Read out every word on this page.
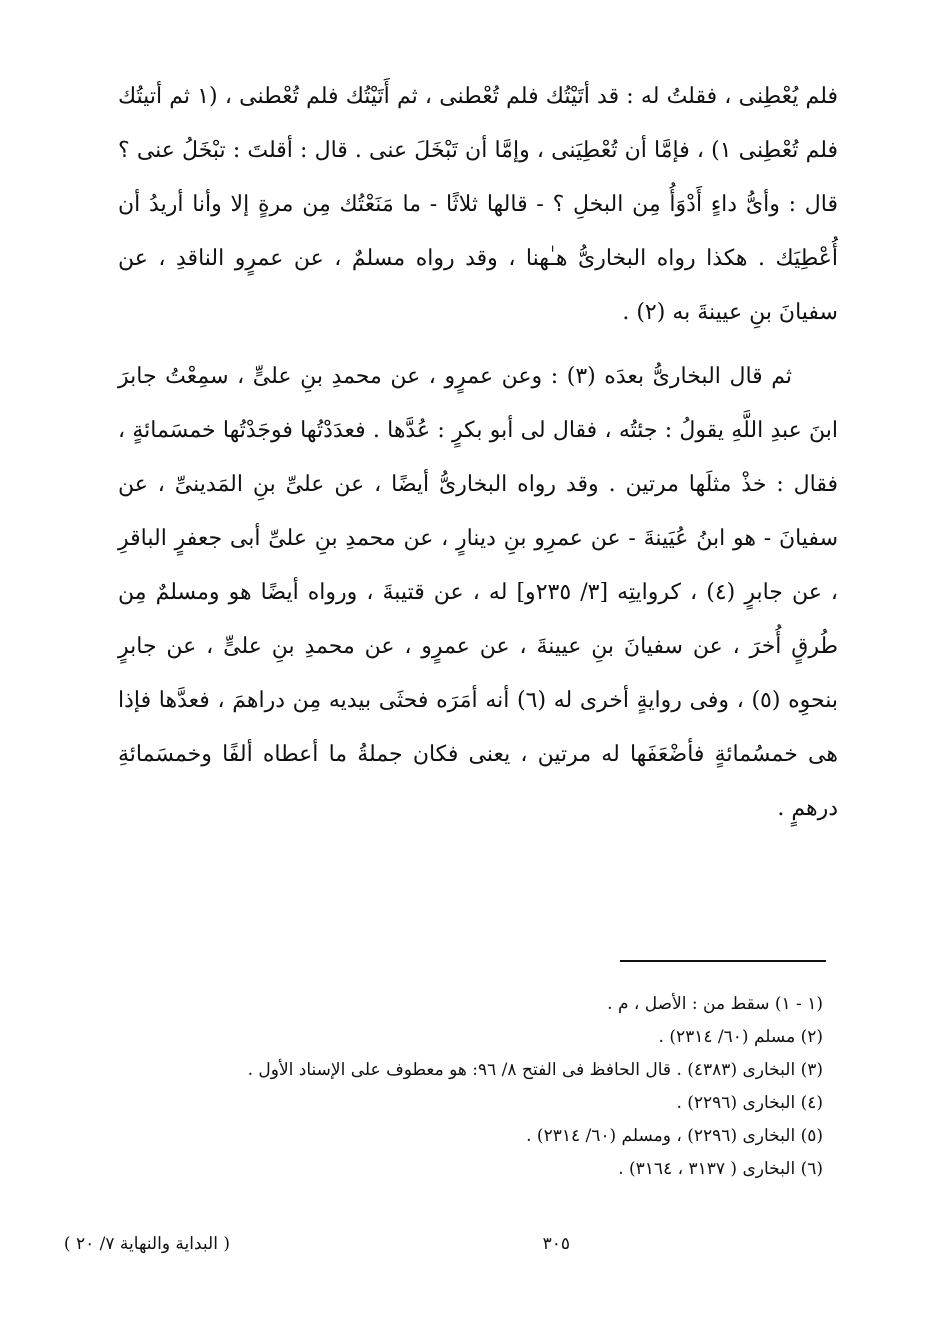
فلم يُعْطِنى ، فقلتُ له : قد أتَيْتُك فلم تُعْطنى ، ثم أَتَيْتُك فلم تُعْطنى ، (١ ثم أتيتُك فلم تُعْطِنى ١) ، فإمَّا أن تُعْطِيَنى ، وإمَّا أن تَبْخَلَ عنى . قال : أقلتَ : تبْخَلُ عنى ؟ قال : وأىُّ داءٍ أَدْوَأُ مِن البخلِ ؟ - قالها ثلاثًا - ما مَنَعْتُك مِن مرةٍ إلا وأنا أريدُ أن أُعْطِيَك . هكذا رواه البخارىُّ هـٰهنا ، وقد رواه مسلمٌ ، عن عمرٍو الناقدِ ، عن سفيانَ بنِ عيينةَ به (٢) .

ثم قال البخارىُّ بعدَه (٣) : وعن عمرٍو ، عن محمدِ بنِ علىٍّ ، سمِعْتُ جابرَ ابنَ عبدِ اللَّهِ يقولُ : جئتُه ، فقال لى أبو بكرٍ : عُدَّها . فعدَدْتُها فوجَدْتُها خمسَمائةٍ ، فقال : خذْ مثلَها مرتين . وقد رواه البخارىُّ أيضًا ، عن علىِّ بنِ المَدينىِّ ، عن سفيانَ - هو ابنُ عُيَينةَ - عن عمرِو بنِ دينارٍ ، عن محمدِ بنِ علىِّ أبى جعفرٍ الباقرِ ، عن جابرٍ (٤) ، كروايتِه [٣/ ٢٣٥و] له ، عن قتيبةَ ، ورواه أيضًا هو ومسلمٌ مِن طُرقٍ أُخرَ ، عن سفيانَ بنِ عيينةَ ، عن عمرٍو ، عن محمدِ بنِ علىٍّ ، عن جابرٍ بنحوِه (٥) ، وفى روايةٍ أخرى له (٦) أنه أمَرَه فحثَى بيديه مِن دراهمَ ، فعدَّها فإذا هى خمسُمائةٍ فأضْعَفَها له مرتين ، يعنى فكان جملةُ ما أعطاه ألفًا وخمسَمائةِ درهمٍ .

(١ - ١) سقط من : الأصل ، م .
(٢) مسلم (٦٠/ ٢٣١٤) .
(٣) البخارى (٤٣٨٣) . قال الحافظ فى الفتح ٨/ ٩٦: هو معطوف على الإسناد الأول .
(٤) البخارى (٢٢٩٦) .
(٥) البخارى (٢٢٩٦) ، ومسلم (٦٠/ ٢٣١٤) .
(٦) البخارى ( ٣١٣٧ ، ٣١٦٤) .
٣٠٥
( البداية والنهاية ٧/ ٢٠ )
